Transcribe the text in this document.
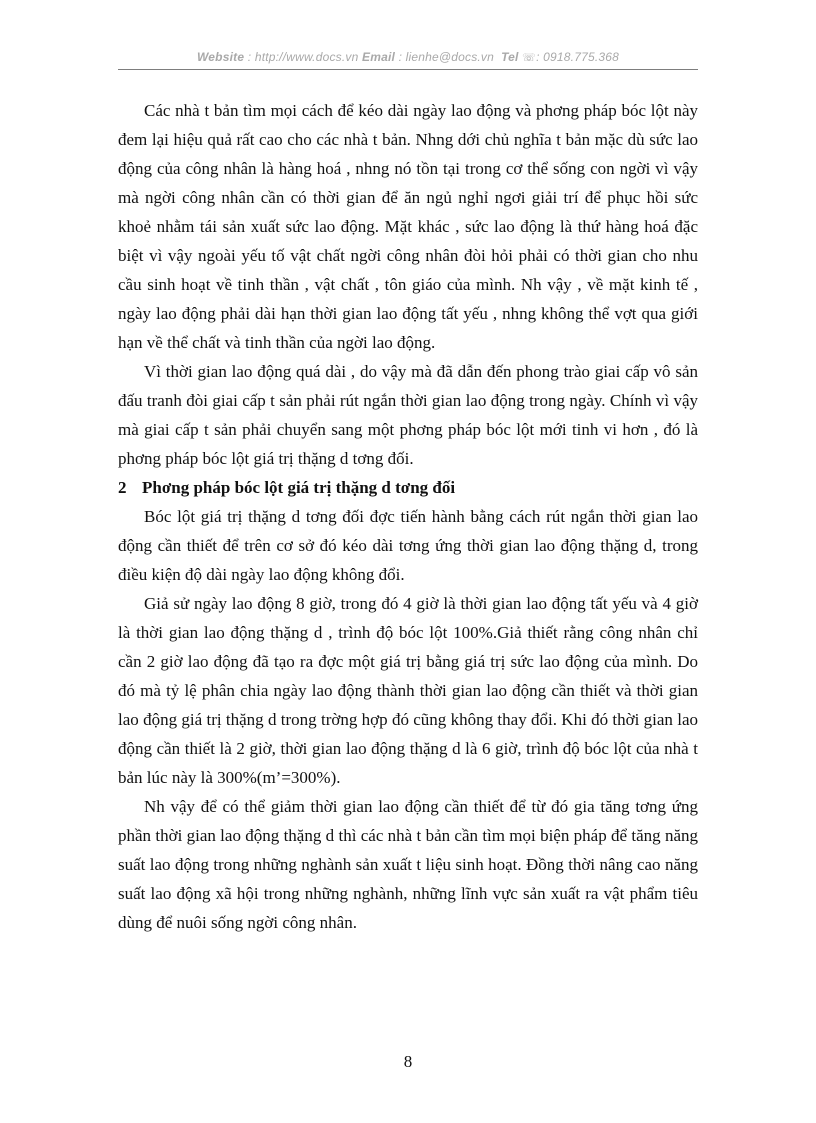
Website : http://www.docs.vn Email : lienhe@docs.vn Tel ☏: 0918.775.368

Các nhà t bản tìm mọi cách để kéo dài ngày lao động và phơng pháp bóc lột này đem lại hiệu quả rất cao cho các nhà t bản. Nhng dới chủ nghĩa t bản mặc dù sức lao động của công nhân là hàng hoá , nhng nó tồn tại trong cơ thể sống con ngời vì vậy mà ngời công nhân cần có thời gian để ăn ngủ nghỉ ngơi giải trí để phục hồi sức khoẻ nhằm tái sản xuất sức lao động. Mặt khác , sức lao động là thứ hàng hoá đặc biệt vì vậy ngoài yếu tố vật chất ngời công nhân đòi hỏi phải có thời gian cho nhu cầu sinh hoạt về tinh thần , vật chất , tôn giáo của mình. Nh vậy , về mặt kinh tế , ngày lao động phải dài hạn thời gian lao động tất yếu , nhng không thể vợt qua giới hạn về thể chất và tinh thần của ngời lao động.

Vì thời gian lao động quá dài , do vậy mà đã dẫn đến phong trào giai cấp vô sản đấu tranh đòi giai cấp t sản phải rút ngắn thời gian lao động trong ngày. Chính vì vậy mà giai cấp t sản phải chuyển sang một phơng pháp bóc lột mới tinh vi hơn , đó là phơng pháp bóc lột giá trị thặng d tơng đối.

2 Phơng pháp bóc lột giá trị thặng d tơng đối

Bóc lột giá trị thặng d tơng đối đợc tiến hành bằng cách rút ngắn thời gian lao động cần thiết để trên cơ sở đó kéo dài tơng ứng thời gian lao động thặng d, trong điều kiện độ dài ngày lao động không đổi.

Giả sử ngày lao động 8 giờ, trong đó 4 giờ là thời gian lao động tất yếu và 4 giờ là thời gian lao động thặng d , trình độ bóc lột 100%.Giả thiết rằng công nhân chỉ cần 2 giờ lao động đã tạo ra đợc một giá trị bằng giá trị sức lao động của mình. Do đó mà tỷ lệ phân chia ngày lao động thành thời gian lao động cần thiết và thời gian lao động giá trị thặng d trong trờng hợp đó cũng không thay đổi. Khi đó thời gian lao động cần thiết là 2 giờ, thời gian lao động thặng d là 6 giờ, trình độ bóc lột của nhà t bản lúc này là 300%(m’=300%).

Nh vậy để có thể giảm thời gian lao động cần thiết để từ đó gia tăng tơng ứng phần thời gian lao động thặng d thì các nhà t bản cần tìm mọi biện pháp để tăng năng suất lao động trong những nghành sản xuất t liệu sinh hoạt. Đồng thời nâng cao năng suất lao động xã hội trong những nghành, những lĩnh vực sản xuất ra vật phẩm tiêu dùng để nuôi sống ngời công nhân.

8
